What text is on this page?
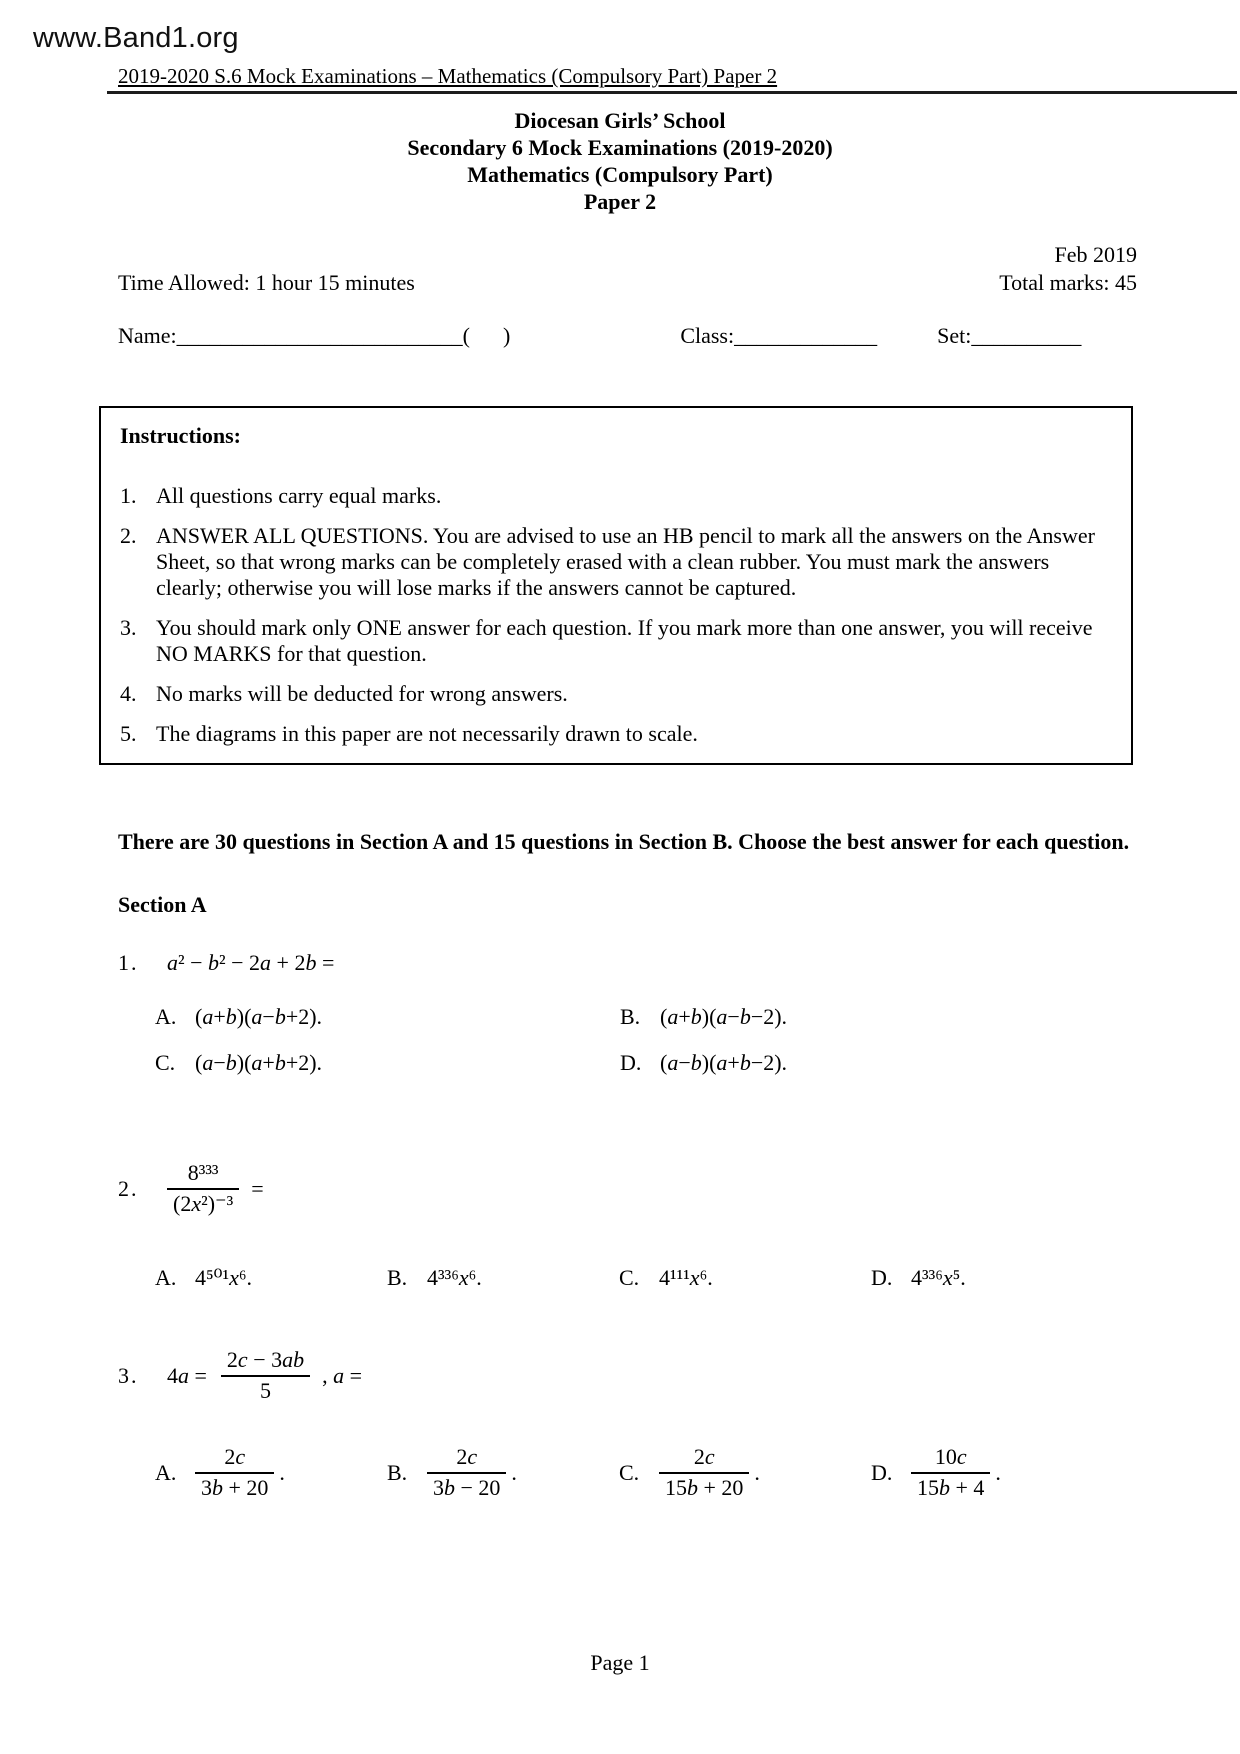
www.Band1.org
2019-2020 S.6 Mock Examinations – Mathematics (Compulsory Part) Paper 2
Diocesan Girls’ School
Secondary 6 Mock Examinations (2019-2020)
Mathematics (Compulsory Part)
Paper 2
Feb 2019
Time Allowed: 1 hour 15 minutes	Total marks: 45
Name:__________________________(      )	Class:_____________	Set:__________
Instructions:
1. All questions carry equal marks.
2. ANSWER ALL QUESTIONS. You are advised to use an HB pencil to mark all the answers on the Answer Sheet, so that wrong marks can be completely erased with a clean rubber. You must mark the answers clearly; otherwise you will lose marks if the answers cannot be captured.
3. You should mark only ONE answer for each question. If you mark more than one answer, you will receive NO MARKS for that question.
4. No marks will be deducted for wrong answers.
5. The diagrams in this paper are not necessarily drawn to scale.
There are 30 questions in Section A and 15 questions in Section B. Choose the best answer for each question.
Section A
1.	a² − b² − 2a + 2b =
A. (a+b)(a−b+2).	B. (a+b)(a−b−2).
C. (a−b)(a+b+2).	D. (a−b)(a+b−2).
2.	$\frac{\text{8³³³}}{\text{(2x²)⁻³}}$ =
A. 4⁵⁰¹x⁶.	B. 4³³⁶x⁶.	C. 4¹¹¹x⁶.	D. 4³³⁶x⁵.
3.	$4a = \frac{2c - 3ab}{5}$ , a =
A. $\frac{2c}{3b + 20}$ .	B. $\frac{2c}{3b - 20}$ .	C. $\frac{2c}{15b + 20}$ .	D. $\frac{10c}{15b + 4}$ .
Page 1
